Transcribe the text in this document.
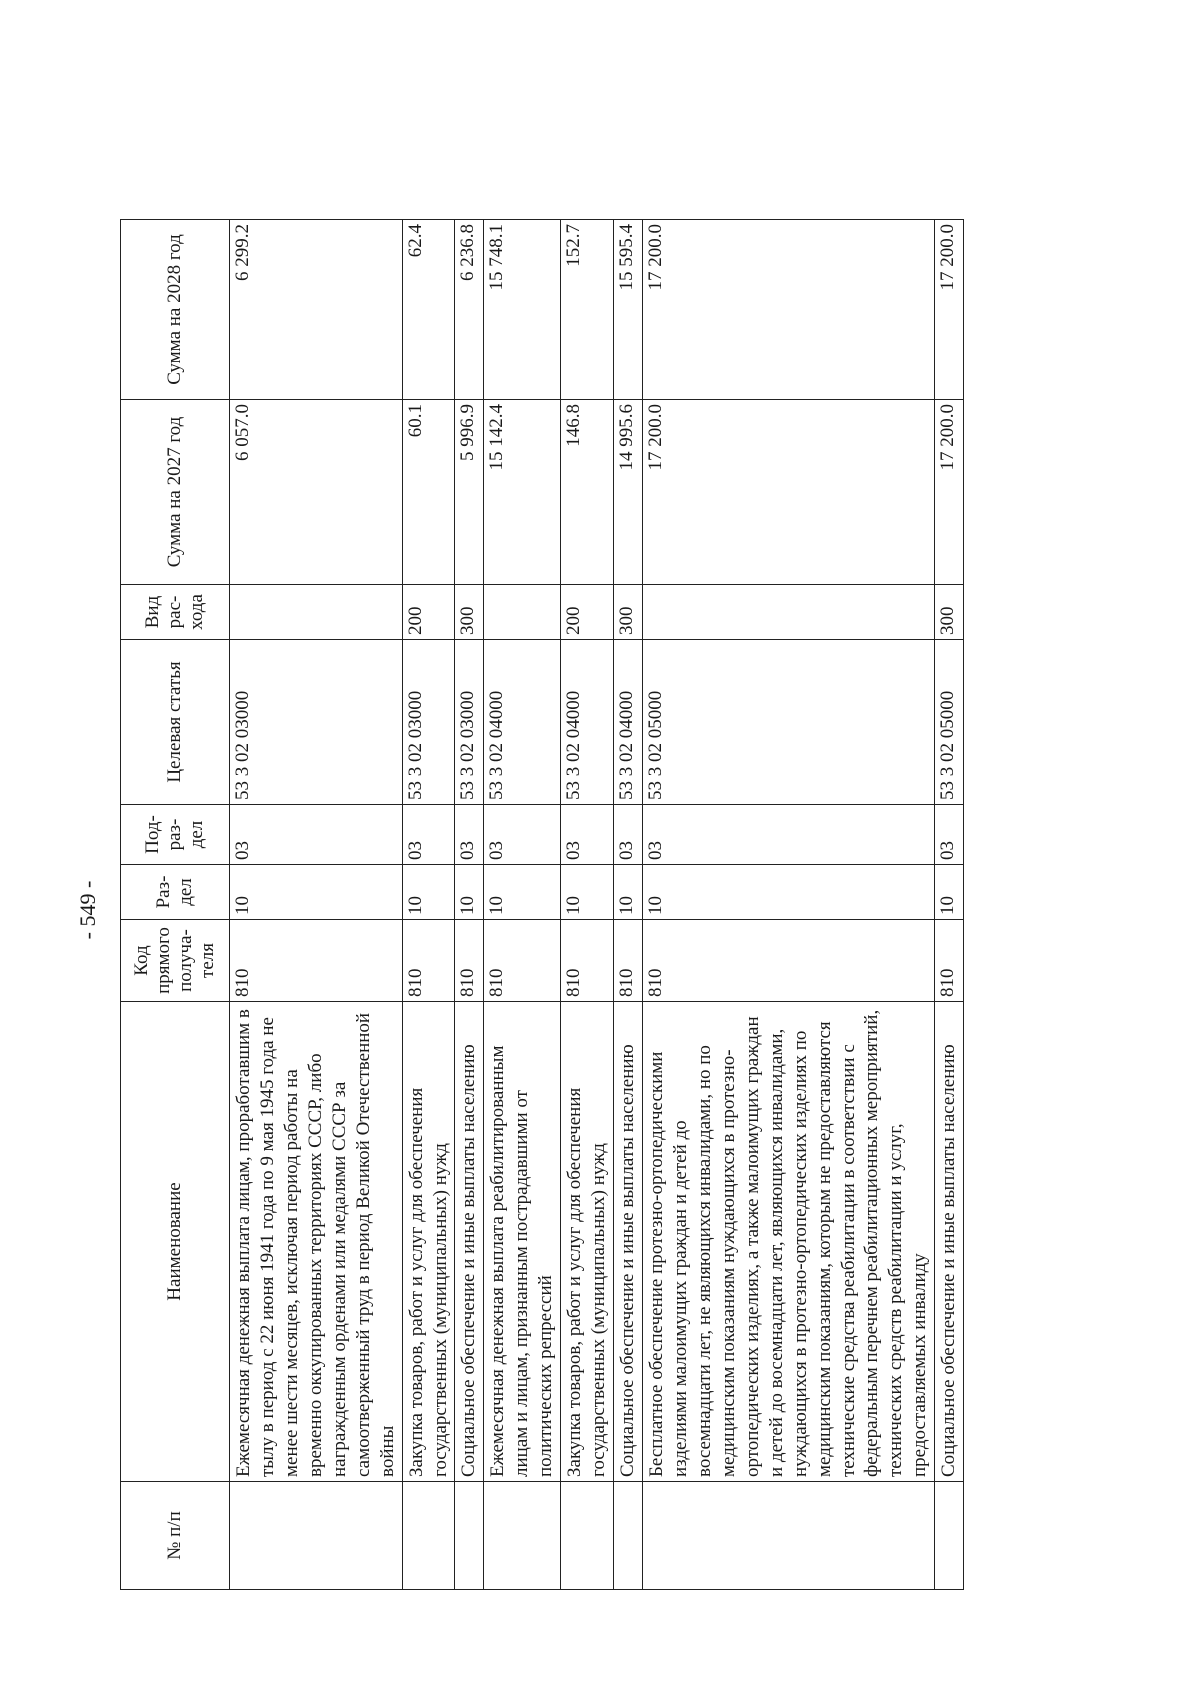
- 549 -
№ п/п	Наименование	Код прямого получа- теля	Раз- дел	Под- раз- дел	Целевая статья	Вид рас- хода	Сумма на 2027 год	Сумма на 2028 год
	Ежемесячная денежная выплата лицам, проработавшим в тылу в период с 22 июня 1941 года по 9 мая 1945 года не менее шести месяцев, исключая период работы на временно оккупированных территориях СССР, либо награжденным орденами или медалями СССР за самоотверженный труд в период Великой Отечественной войны	810	10	03	53 3 02 03000		6 057.0	6 299.2
	Закупка товаров, работ и услуг для обеспечения государственных (муниципальных) нужд	810	10	03	53 3 02 03000	200	60.1	62.4
	Социальное обеспечение и иные выплаты населению	810	10	03	53 3 02 03000	300	5 996.9	6 236.8
	Ежемесячная денежная выплата реабилитированным лицам и лицам, признанным пострадавшими от политических репрессий	810	10	03	53 3 02 04000		15 142.4	15 748.1
	Закупка товаров, работ и услуг для обеспечения государственных (муниципальных) нужд	810	10	03	53 3 02 04000	200	146.8	152.7
	Социальное обеспечение и иные выплаты населению	810	10	03	53 3 02 04000	300	14 995.6	15 595.4
	Бесплатное обеспечение протезно-ортопедическими изделиями малоимущих граждан и детей до восемнадцати лет, не являющихся инвалидами, но по медицинским показаниям нуждающихся в протезно-ортопедических изделиях, а также малоимущих граждан и детей до восемнадцати лет, являющихся инвалидами, нуждающихся в протезно-ортопедических изделиях по медицинским показаниям, которым не предоставляются технические средства реабилитации в соответствии с федеральным перечнем реабилитационных мероприятий, технических средств реабилитации и услуг, предоставляемых инвалиду	810	10	03	53 3 02 05000		17 200.0	17 200.0
	Социальное обеспечение и иные выплаты населению	810	10	03	53 3 02 05000	300	17 200.0	17 200.0
